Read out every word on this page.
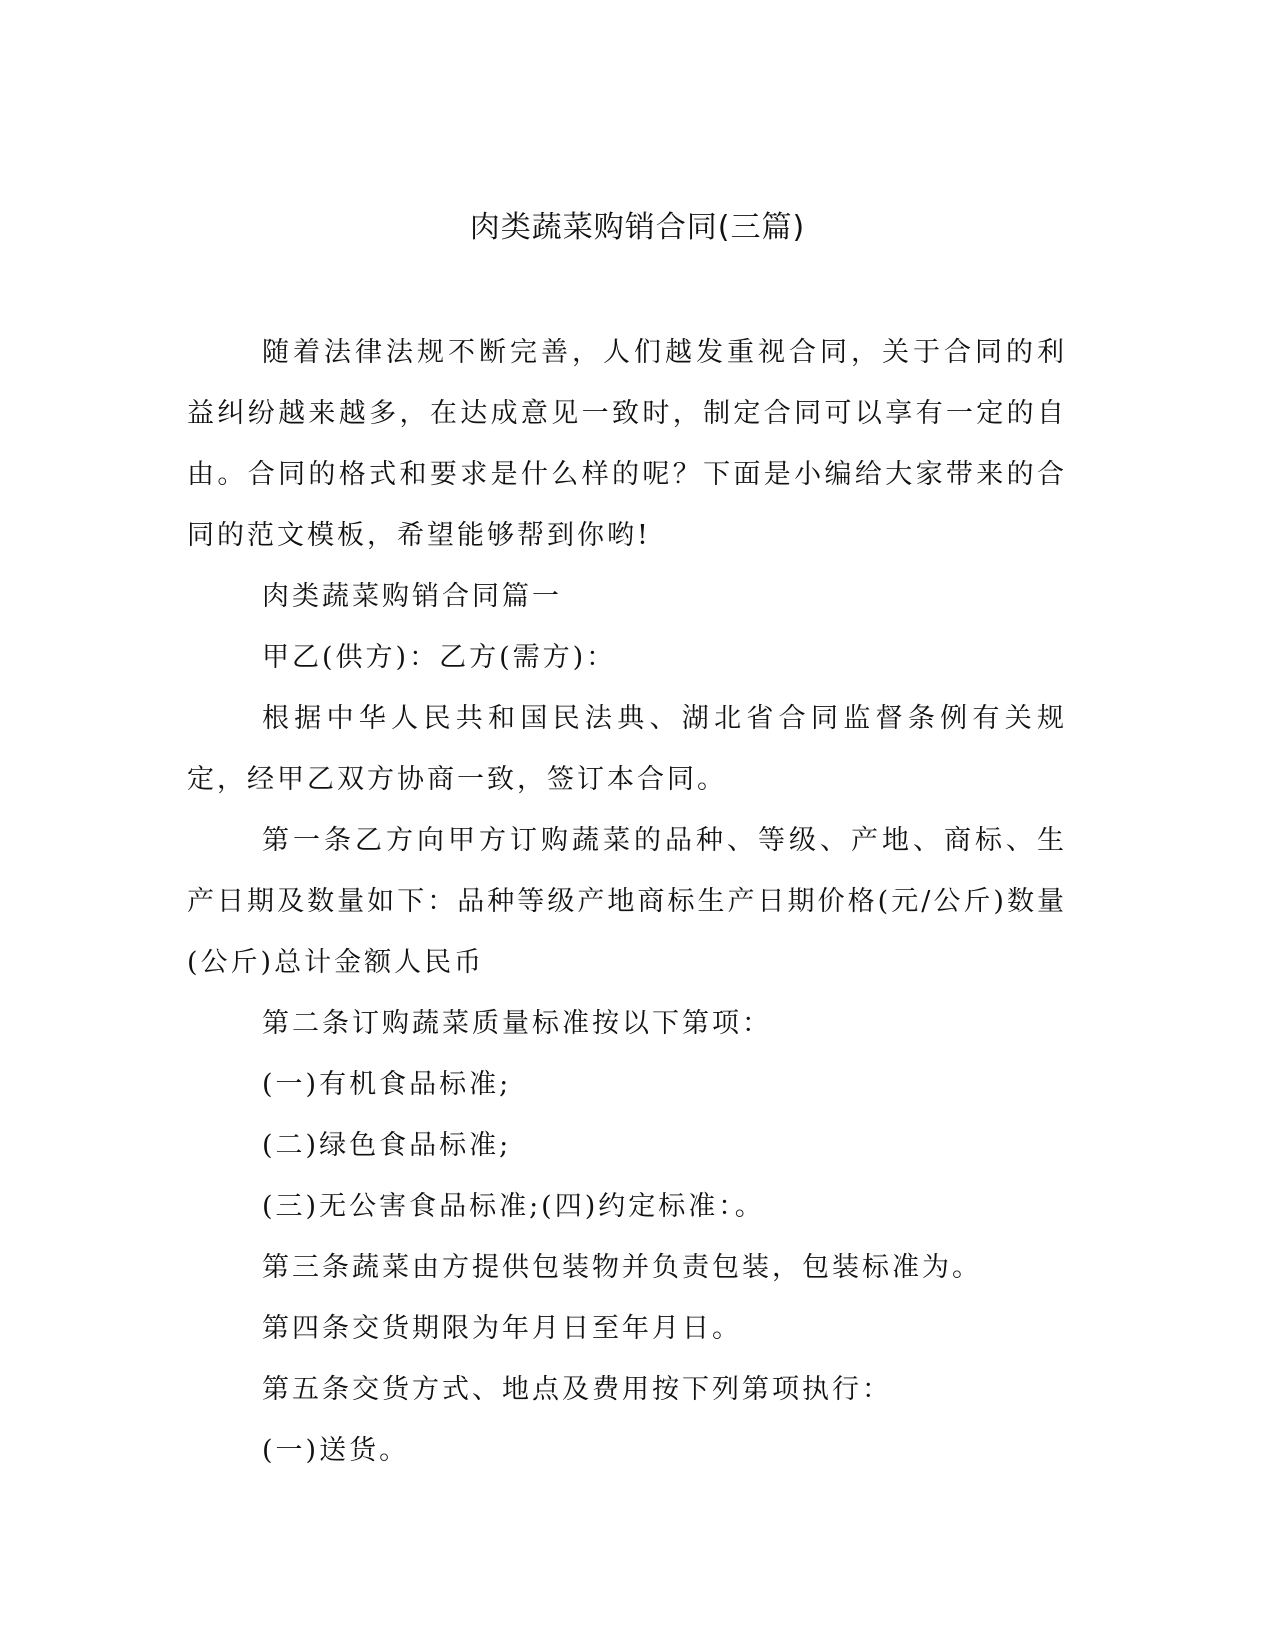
肉类蔬菜购销合同(三篇)

随着法律法规不断完善，人们越发重视合同，关于合同的利益纠纷越来越多，在达成意见一致时，制定合同可以享有一定的自由。合同的格式和要求是什么样的呢？下面是小编给大家带来的合同的范文模板，希望能够帮到你哟!

肉类蔬菜购销合同篇一

甲乙(供方)：乙方(需方)：

根据中华人民共和国民法典、湖北省合同监督条例有关规定，经甲乙双方协商一致，签订本合同。

第一条乙方向甲方订购蔬菜的品种、等级、产地、商标、生产日期及数量如下：品种等级产地商标生产日期价格(元/公斤)数量(公斤)总计金额人民币

第二条订购蔬菜质量标准按以下第项：

(一)有机食品标准;

(二)绿色食品标准;

(三)无公害食品标准;(四)约定标准：。

第三条蔬菜由方提供包装物并负责包装，包装标准为。

第四条交货期限为年月日至年月日。

第五条交货方式、地点及费用按下列第项执行：

(一)送货。
